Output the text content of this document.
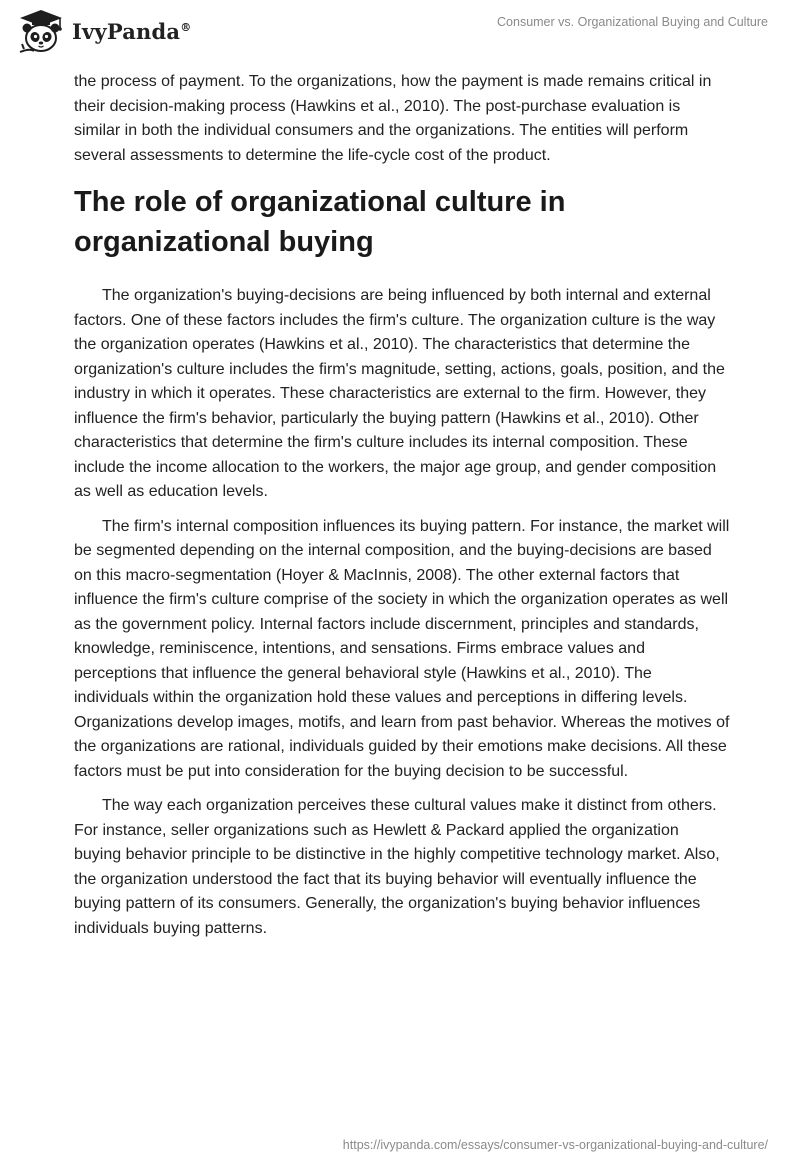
IvyPanda®	Consumer vs. Organizational Buying and Culture

the process of payment. To the organizations, how the payment is made remains critical in their decision-making process (Hawkins et al., 2010). The post-purchase evaluation is similar in both the individual consumers and the organizations. The entities will perform several assessments to determine the life-cycle cost of the product.

The role of organizational culture in organizational buying

The organization's buying-decisions are being influenced by both internal and external factors. One of these factors includes the firm's culture. The organization culture is the way the organization operates (Hawkins et al., 2010). The characteristics that determine the organization's culture includes the firm's magnitude, setting, actions, goals, position, and the industry in which it operates. These characteristics are external to the firm. However, they influence the firm's behavior, particularly the buying pattern (Hawkins et al., 2010). Other characteristics that determine the firm's culture includes its internal composition. These include the income allocation to the workers, the major age group, and gender composition as well as education levels.

The firm's internal composition influences its buying pattern. For instance, the market will be segmented depending on the internal composition, and the buying-decisions are based on this macro-segmentation (Hoyer & MacInnis, 2008). The other external factors that influence the firm's culture comprise of the society in which the organization operates as well as the government policy. Internal factors include discernment, principles and standards, knowledge, reminiscence, intentions, and sensations. Firms embrace values and perceptions that influence the general behavioral style (Hawkins et al., 2010). The individuals within the organization hold these values and perceptions in differing levels. Organizations develop images, motifs, and learn from past behavior. Whereas the motives of the organizations are rational, individuals guided by their emotions make decisions. All these factors must be put into consideration for the buying decision to be successful.

The way each organization perceives these cultural values make it distinct from others. For instance, seller organizations such as Hewlett & Packard applied the organization buying behavior principle to be distinctive in the highly competitive technology market. Also, the organization understood the fact that its buying behavior will eventually influence the buying pattern of its consumers. Generally, the organization's buying behavior influences individuals buying patterns.

https://ivypanda.com/essays/consumer-vs-organizational-buying-and-culture/
